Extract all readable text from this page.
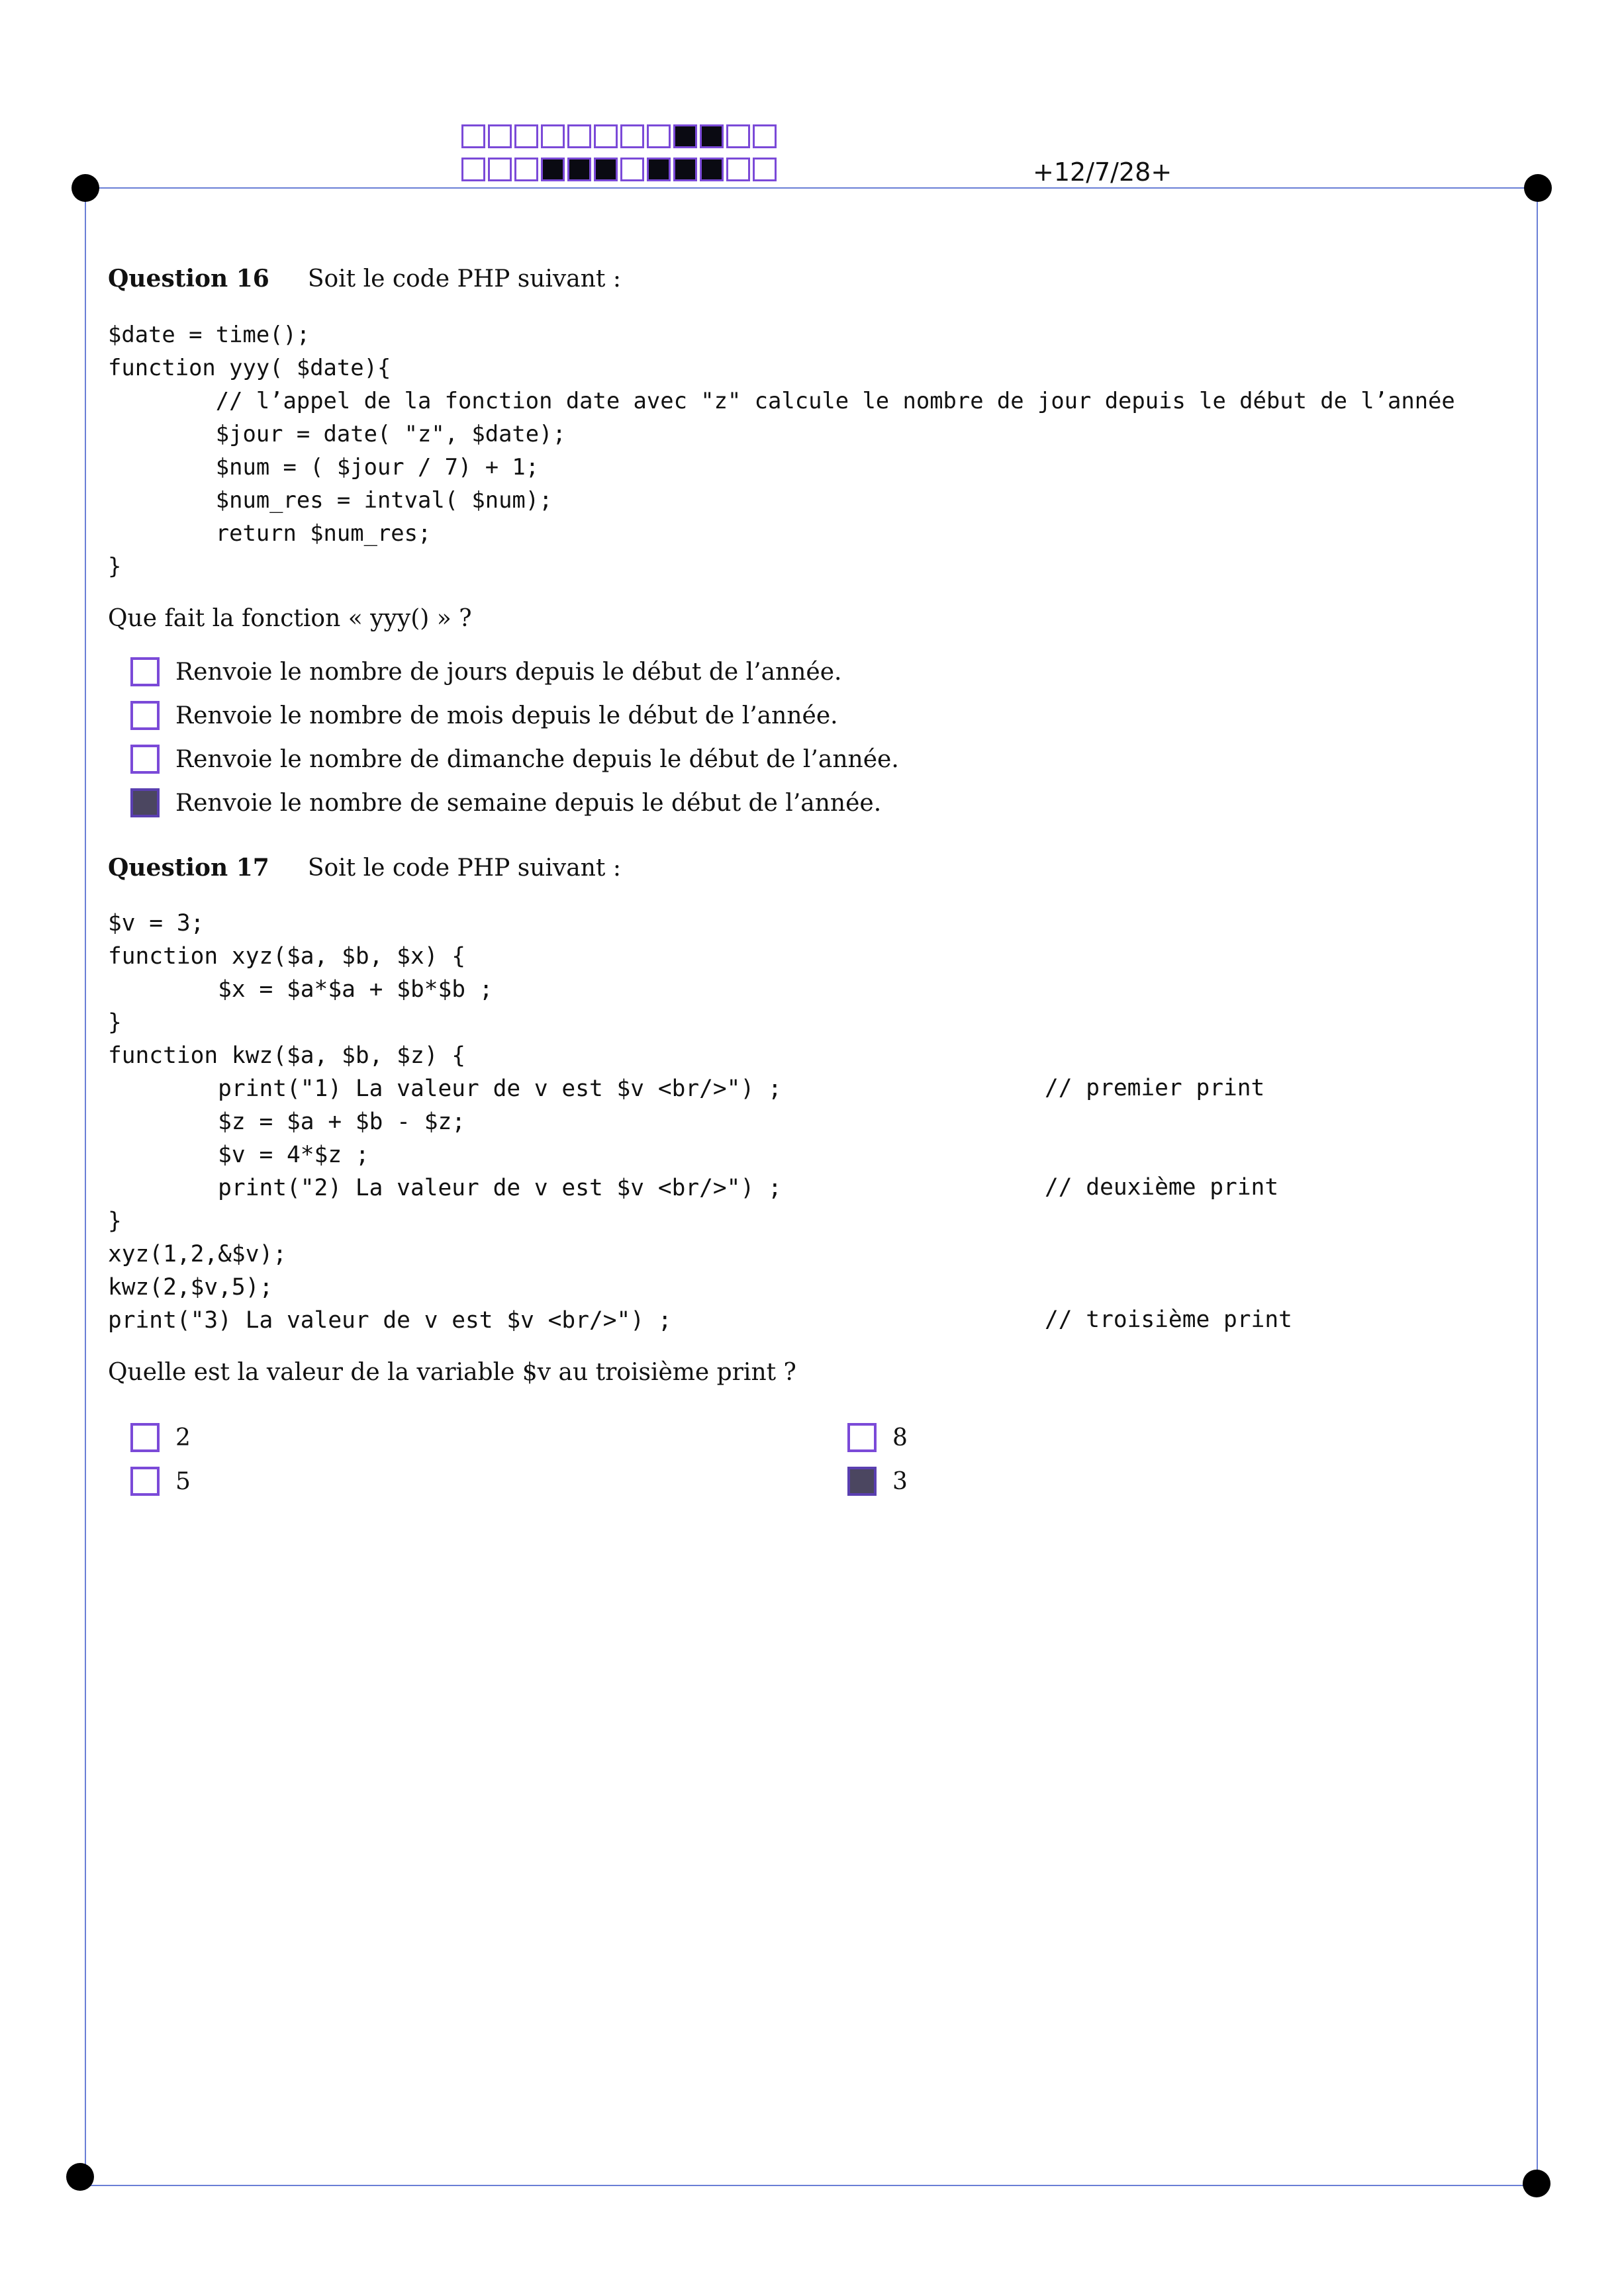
+12/7/28+
Question 16 Soit le code PHP suivant :
$date = time();
function yyy( $date){
// l’appel de la fonction date avec "z" calcule le nombre de jour depuis le début de l’année
$jour = date( "z", $date);
$num = ( $jour / 7) + 1;
$num_res = intval( $num);
return $num_res;
}
Que fait la fonction « yyy() » ?
Renvoie le nombre de jours depuis le début de l’année.
Renvoie le nombre de mois depuis le début de l’année.
Renvoie le nombre de dimanche depuis le début de l’année.
Renvoie le nombre de semaine depuis le début de l’année.
Question 17 Soit le code PHP suivant :
$v = 3;
function xyz($a, $b, $x) {
$x = $a*$a + $b*$b ;
}
function kwz($a, $b, $z) {
print("1) La valeur de v est $v <br/>") ;
$z = $a + $b - $z;
$v = 4*$z ;
print("2) La valeur de v est $v <br/>") ;
}
xyz(1,2,&$v);
kwz(2,$v,5);
print("3) La valeur de v est $v <br/>") ;
// premier print
// deuxième print
// troisième print
Quelle est la valeur de la variable $v au troisième print ?
2
5
8
3
